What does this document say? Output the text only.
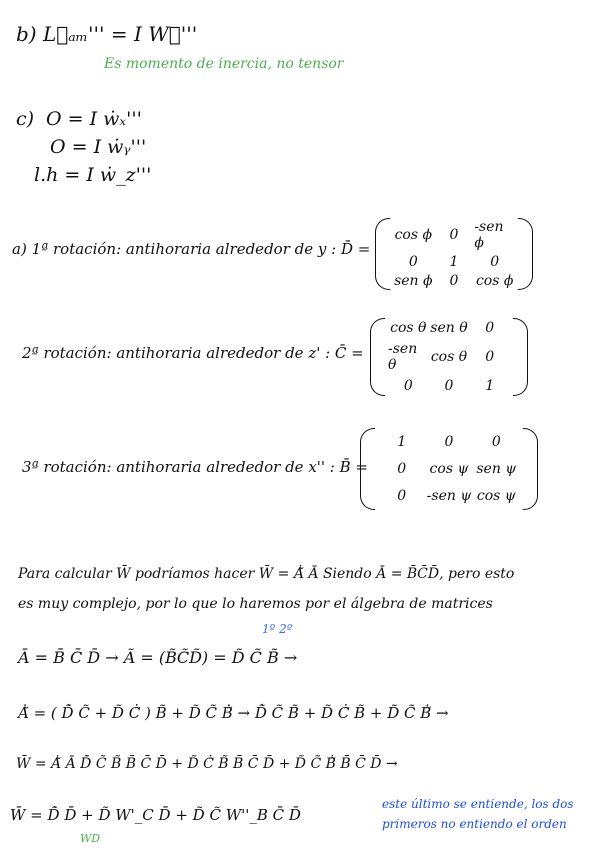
b) L⃗ₐₘ''' = I W⃗'''
Es momento de inercia, no tensor
c) O = I ẇₓ'''
O = I ẇᵧ'''
l.h = I ẇ_z'''
a) 1ª rotación: antihoraria alrededor de y : D̄ =
cos ϕ 0 -sen ϕ
0 1 0
sen ϕ 0 cos ϕ
2ª rotación: antihoraria alrededor de z' : C̄ =
cos θ sen θ 0
-sen θ	cos θ 0
0 0 1
3ª rotación: antihoraria alrededor de x'' : B̄ =
1	0	0
0 cos ψ sen ψ
0 -sen ψ cos ψ
Para calcular W̄ podríamos hacer W̄ = Ȧ̃ Ā Siendo Ā = B̄C̄D̄, pero esto
es muy complejo, por lo que lo haremos por el álgebra de matrices
1º 2º
Ā = B̄ C̄ D̄ → Ã = (B̃C̃D̃) = D̃ C̃ B̃ →
Ȧ̃ = ( D̃̇ C̃ + D̃ Ċ̃ ) B̃ + D̃ C̃ Ḃ̃ → D̃̇ C̃ B̃ + D̃ Ċ̃ B̃ + D̃ C̃ Ḃ̃ →
W̄ = Ȧ̃ Ā D̃̇ C̃ B̃ B̄ C̄ D̄ + D̃ Ċ̃ B̃ B̄ C̄ D̄ + D̃ C̃ Ḃ̃ B̄ C̄ D̄ →
W̄ = D̃̇ D̄ + D̃ W'_C D̄ + D̃ C̃ W''_B C̄ D̄
WD
este último se entiende, los dos primeros no entiendo el orden
